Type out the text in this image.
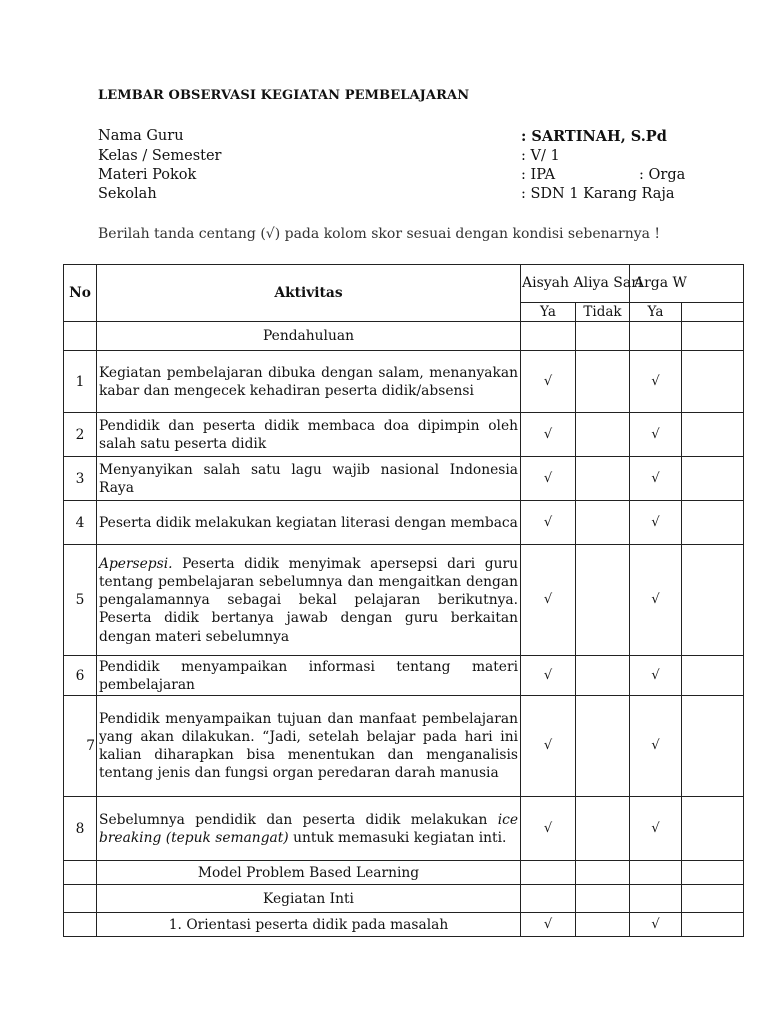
LEMBAR OBSERVASI KEGIATAN PEMBELAJARAN
Nama Guru	: SARTINAH, S.Pd
Kelas / Semester	: V/ 1
Materi Pokok	: IPA	: Orga
Sekolah	: SDN 1 Karang Raja
Berilah tanda centang (√) pada kolom skor sesuai dengan kondisi sebenarnya !
No	Aktivitas	Aisyah Aliya Sari		Arga W	
		Ya	Tidak	Ya	
	Pendahuluan				
1	Kegiatan pembelajaran dibuka dengan salam, menanyakan kabar dan mengecek kehadiran peserta didik/absensi	√		√	
2	Pendidik dan peserta didik membaca doa dipimpin oleh salah satu peserta didik	√		√	
3	Menyanyikan salah satu lagu wajib nasional Indonesia Raya	√		√	
4	Peserta didik melakukan kegiatan literasi dengan membaca	√		√	
5	Apersepsi. Peserta didik menyimak apersepsi dari guru tentang pembelajaran sebelumnya dan mengaitkan dengan pengalamannya sebagai bekal pelajaran berikutnya. Peserta didik bertanya jawab dengan guru berkaitan dengan materi sebelumnya	√		√	
6	Pendidik menyampaikan informasi tentang materi pembelajaran	√		√	
7	Pendidik menyampaikan tujuan dan manfaat pembelajaran yang akan dilakukan. “Jadi, setelah belajar pada hari ini kalian diharapkan bisa menentukan dan menganalisis tentang jenis dan fungsi organ peredaran darah manusia	√		√	
8	Sebelumnya pendidik dan peserta didik melakukan ice breaking (tepuk semangat) untuk memasuki kegiatan inti.	√		√	
	Model Problem Based Learning				
	Kegiatan Inti				
	1. Orientasi peserta didik pada masalah	√		√	
